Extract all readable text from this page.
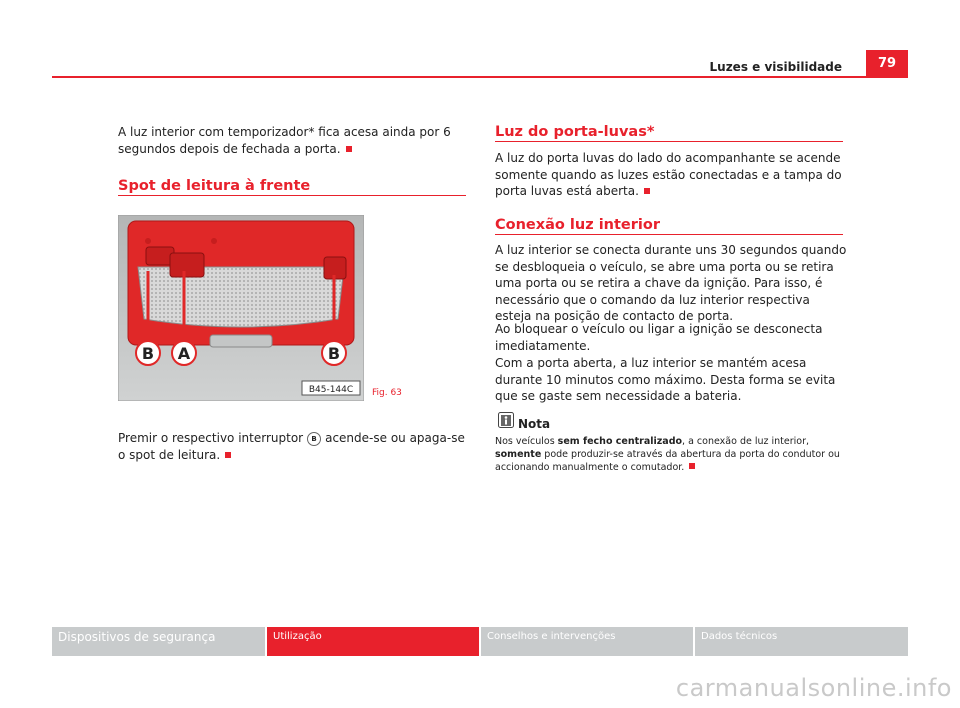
Luzes e visibilidade	79

A luz interior com temporizador* fica acesa ainda por 6 segundos depois de fechada a porta.

Spot de leitura à frente
B A	B
B45-144C Fig. 63

Premir o respectivo interruptor B acende-se ou apaga-se o spot de leitura.

Luz do porta-luvas*

A luz do porta luvas do lado do acompanhante se acende somente quando as luzes estão conectadas e a tampa do porta luvas está aberta.

Conexão luz interior

A luz interior se conecta durante uns 30 segundos quando se desbloqueia o veículo, se abre uma porta ou se retira uma porta ou se retira a chave da ignição. Para isso, é necessário que o comando da luz interior respectiva esteja na posição de contacto de porta.

Ao bloquear o veículo ou ligar a ignição se desconecta imediatamente.

Com a porta aberta, a luz interior se mantém acesa durante 10 minutos como máximo. Desta forma se evita que se gaste sem necessidade a bateria.

Nota

Nos veículos sem fecho centralizado, a conexão de luz interior, somente pode produzir-se através da abertura da porta do condutor ou accionando manualmente o comutador.

Dispositivos de segurança	Utilização	Conselhos e intervenções	Dados técnicos
carmanualsonline.info
